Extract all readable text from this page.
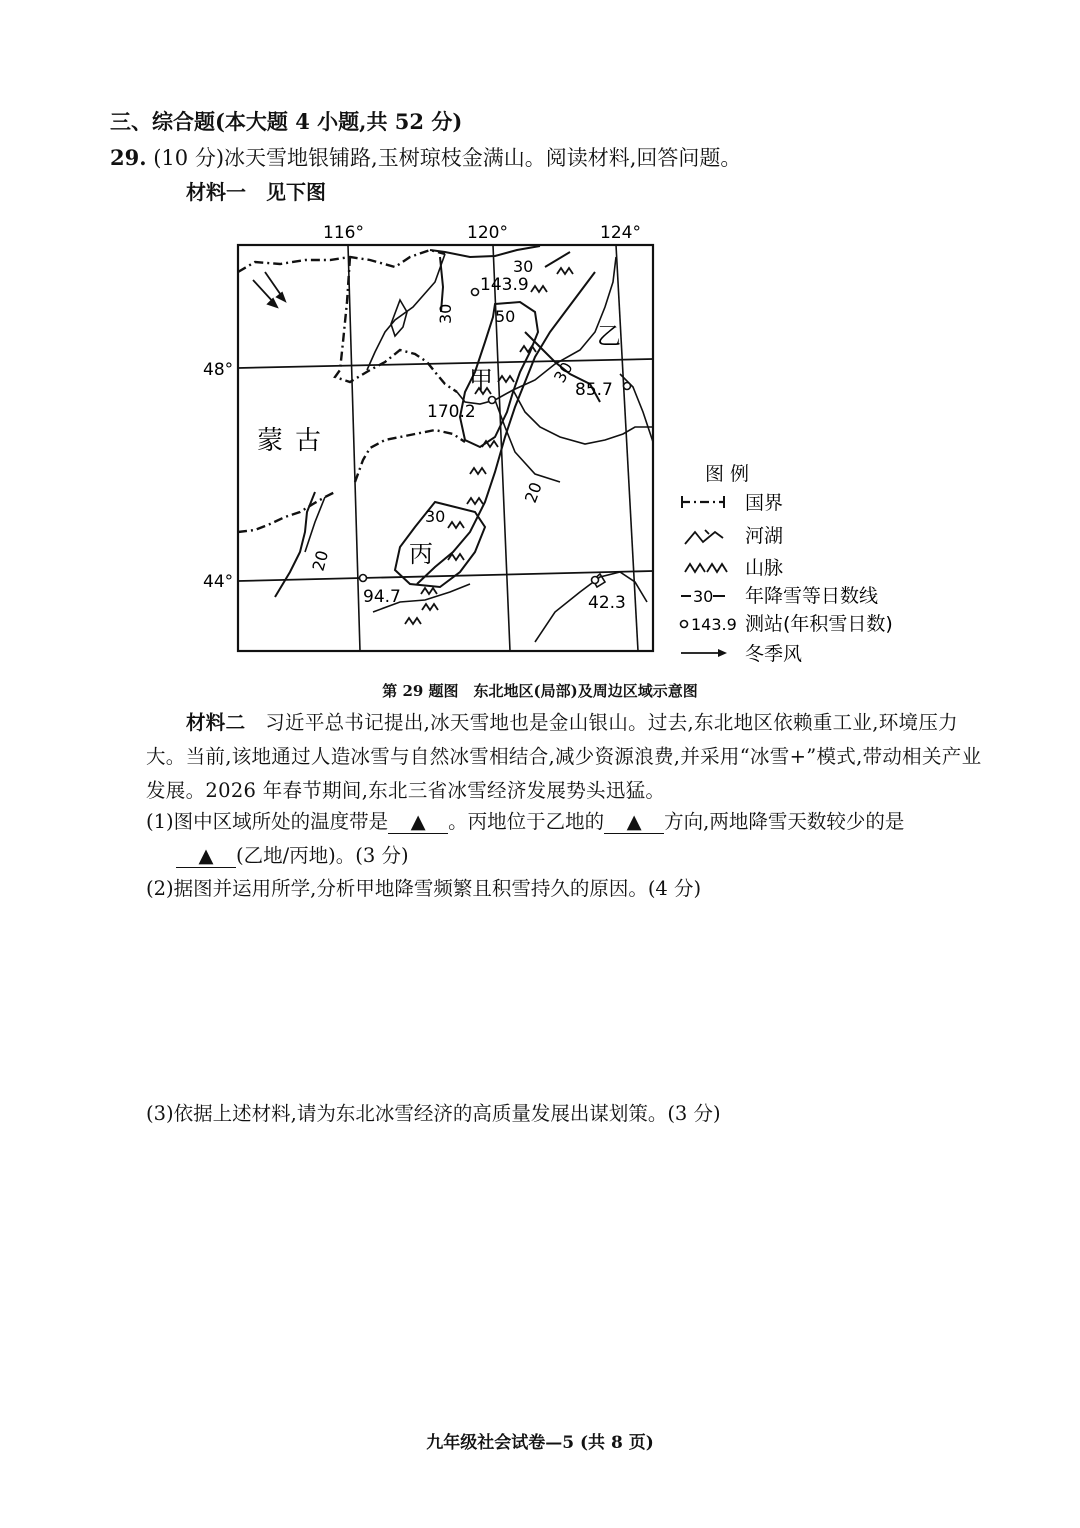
三、综合题(本大题 4 小题,共 52 分)
29. (10 分)冰天雪地银铺路,玉树琼枝金满山。阅读材料,回答问题。
材料一　见下图
116°	120°	124°
48°
44°
30
30	50
30
20
30
20
蒙古
甲
乙
丙
143.9
170.2
85.7
94.7	42.3
图 例
国界
河湖
山脉
30 年降雪等日数线
143.9 测站(年积雪日数)
冬季风
第 29 题图　东北地区(局部)及周边区域示意图
材料二　 习近平总书记提出,冰天雪地也是金山银山。过去,东北地区依赖重工业,环境压力大。当前,该地通过人造冰雪与自然冰雪相结合,减少资源浪费,并采用“冰雪+”模式,带动相关产业发展。2026 年春节期间,东北三省冰雪经济发展势头迅猛。
(1)图中区域所处的温度带是 ▲ 。丙地位于乙地的 ▲ 方向,两地降雪天数较少的是
▲ (乙地/丙地)。(3 分)
(2)据图并运用所学,分析甲地降雪频繁且积雪持久的原因。(4 分)
(3)依据上述材料,请为东北冰雪经济的高质量发展出谋划策。(3 分)
九年级社会试卷—5 (共 8 页)
